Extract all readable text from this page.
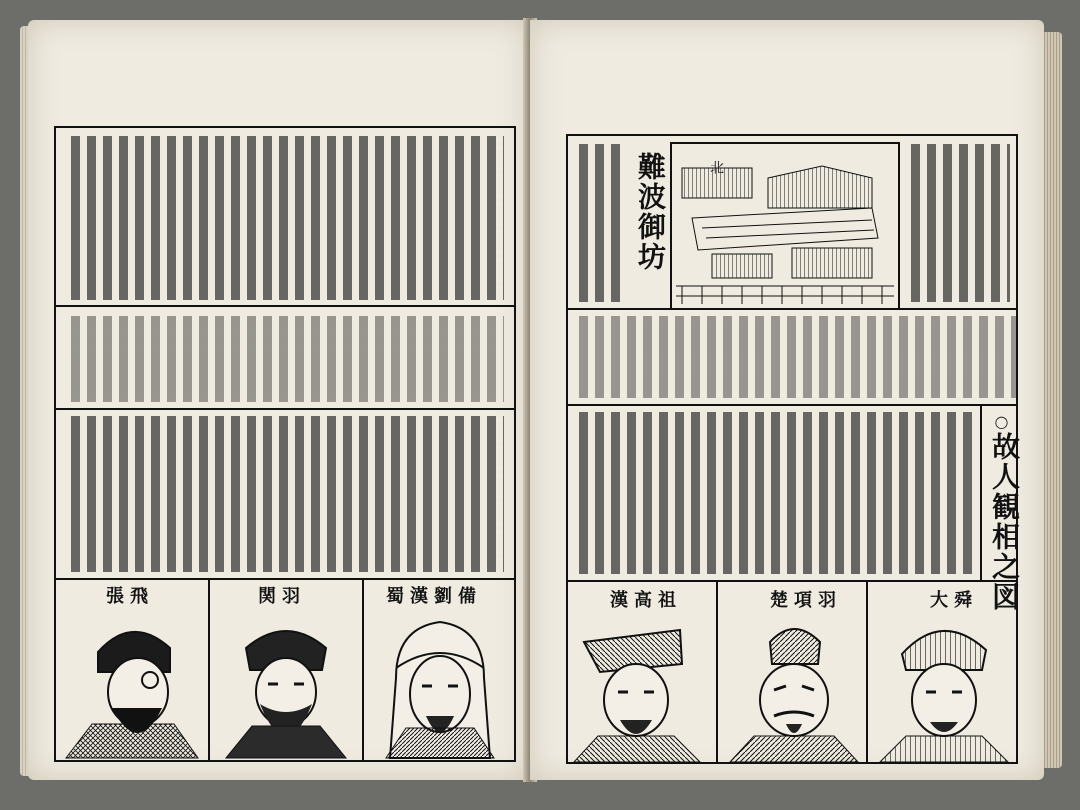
蜀漢劉備
関羽
張飛
北
難波御坊
○
故人観相之図
大舜
楚項羽
漢高祖
